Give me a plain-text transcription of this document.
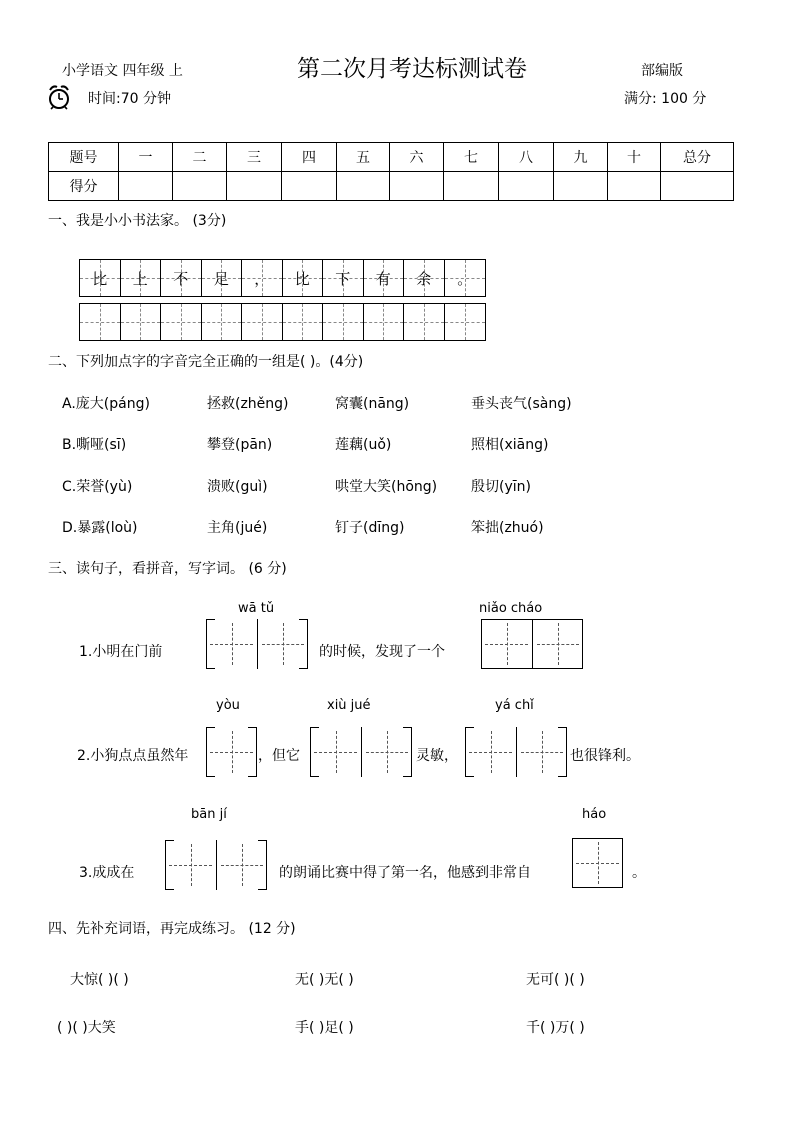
小学语文 四年级 上	第二次月考达标测试卷	部编版
时间:70 分钟	满分: 100 分
题号	一	二	三	四	五	六	七	八	九	十	总分
得分											
一、我是小小书法家。 (3分)
比 上 不 足 ， 比 下 有 余 。
二、下列加点字的字音完全正确的一组是( )。(4分)
A.庞大(páng)	拯救(zhěng)	窝囊(nāng)	垂头丧气(sàng)
B.嘶哑(sī)	攀登(pān)	莲藕(uǒ)	照相(xiāng)
C.荣誉(yù)	溃败(guì)	哄堂大笑(hōng) 殷切(yīn)
D.暴露(loù)	主角(jué)	钉子(dīng)	笨拙(zhuó)
三、读句子，看拼音，写字词。 (6 分)
wā tǔ
1.小明在门前	的时候，发现了一个
niǎo cháo
yòu
2.小狗点点虽然年	，但它
xiù jué
灵敏，
yá chǐ
也很锋利。
bān jí
3.成成在	的朗诵比赛中得了第一名，他感到非常自
háo
。
四、先补充词语，再完成练习。 (12 分)
大惊( )( )	无( )无( )	无可( )( )
( )( )大笑	手( )足( )	千( )万( )
